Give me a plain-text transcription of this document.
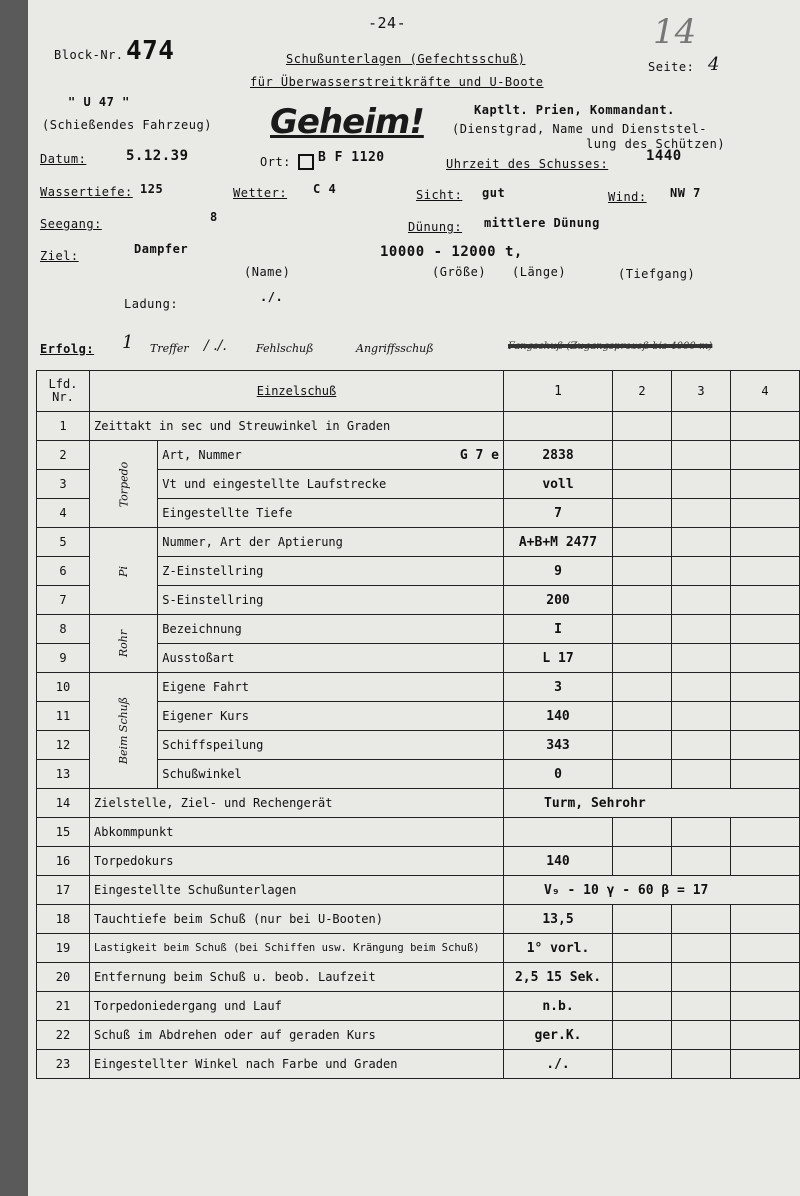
-24-	14
Block-Nr. 474	Schußunterlagen (Gefechtsschuß)
für Überwasserstreitkräfte und U-Boote
Seite: 4
" U 47 "
(Schießendes Fahrzeug) Geheim!	Kaptlt. Prien, Kommandant.
(Dienstgrad, Name und Dienststel-
lung des Schützen)
Datum:	5.12.39	Ort: B F 1120	Uhrzeit des Schusses:	1440
Wassertiefe: 125	Wetter: C 4	Sicht: gut	Wind: NW 7
Seegang:	8
Dünung: mittlere Dünung
Ziel:	Dampfer	10000 - 12000 t,
(Name)	(Größe) (Länge)	(Tiefgang)
Ladung:	./.
Erfolg: 1 Treffer / ./.	Fehlschuß	Angriffsschuß	Fangschuß (Zugangsprozeß bis 4000 m)
Lfd.
Nr.	Einzelschuß		1	2	3	4
1	Zeittakt in sec und Streuwinkel in Graden					
2	Torpedo	Art, Nummer G 7 e	2838			
3		Vt und eingestellte Laufstrecke	voll			
4		Eingestellte Tiefe	7			
5	Pi	Nummer, Art der Aptierung	A+B+M 2477			
6		Z-Einstellring	9			
7		S-Einstellring	200			
8	Rohr	Bezeichnung	I			
9		Ausstoßart	L 17			
10	Beim Schuß	Eigene Fahrt	3			
11		Eigener Kurs	140			
12		Schiffspeilung	343			
13		Schußwinkel	0			
14	Zielstelle, Ziel- und Rechengerät		Turm, Sehrohr			
15	Abkommpunkt					
16	Torpedokurs		140			
17	Eingestellte Schußunterlagen		V₉ - 10 γ - 60 β = 17			
18	Tauchtiefe beim Schuß (nur bei U-Booten)		13,5			
19	Lastigkeit beim Schuß (bei Schiffen usw. Krängung beim Schuß)		1° vorl.			
20	Entfernung beim Schuß u. beob. Laufzeit		2,5 15 Sek.			
21	Torpedoniedergang und Lauf		n.b.			
22	Schuß im Abdrehen oder auf geraden Kurs		ger.K.			
23	Eingestellter Winkel nach Farbe und Graden		./.			
